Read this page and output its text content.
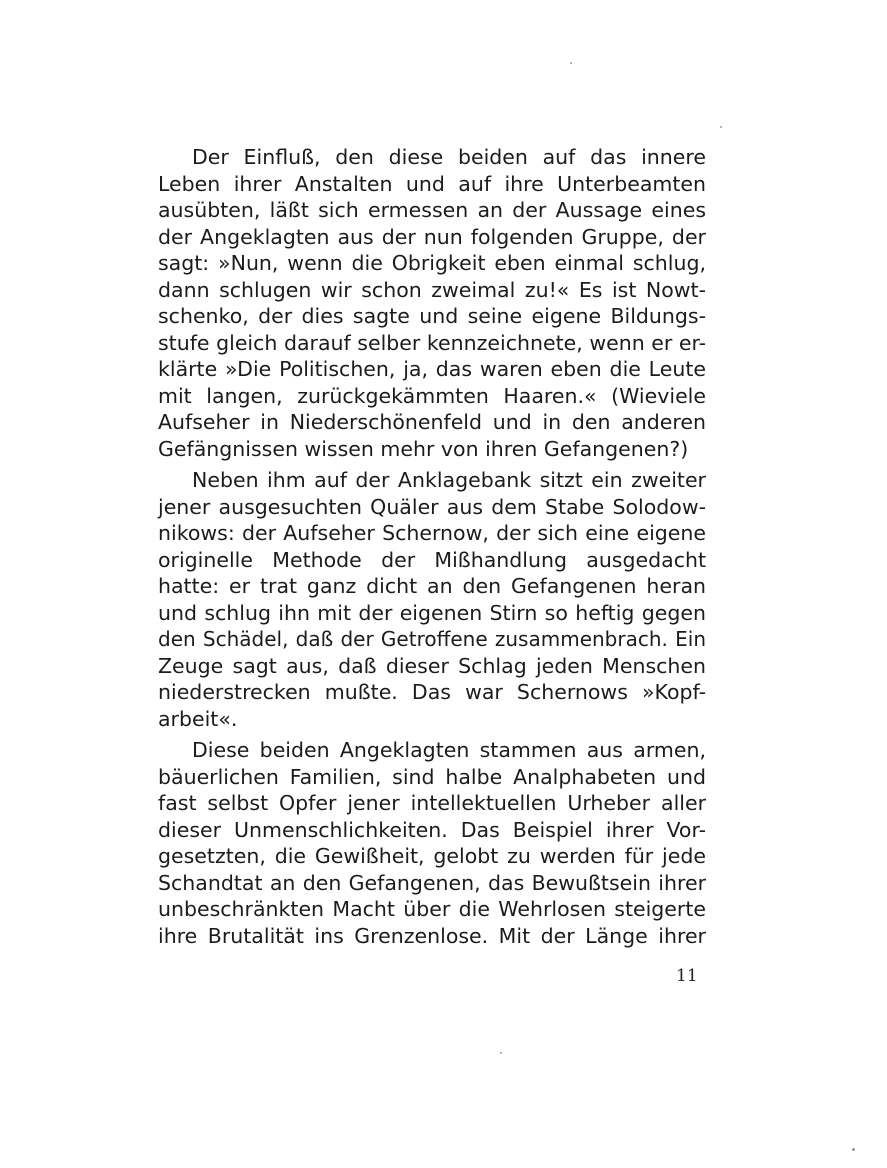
Der Einfluß, den diese beiden auf das innere
Leben ihrer Anstalten und auf ihre Unterbeamten
ausübten, läßt sich ermessen an der Aussage eines
der Angeklagten aus der nun folgenden Gruppe, der
sagt: »Nun, wenn die Obrigkeit eben einmal schlug,
dann schlugen wir schon zweimal zu!« Es ist Nowt-
schenko, der dies sagte und seine eigene Bildungs-
stufe gleich darauf selber kennzeichnete, wenn er er-
klärte »Die Politischen, ja, das waren eben die Leute
mit langen, zurückgekämmten Haaren.« (Wieviele
Aufseher in Niederschönenfeld und in den anderen
Gefängnissen wissen mehr von ihren Gefangenen?)
Neben ihm auf der Anklagebank sitzt ein zweiter
jener ausgesuchten Quäler aus dem Stabe Solodow-
nikows: der Aufseher Schernow, der sich eine eigene
originelle Methode der Mißhandlung ausgedacht
hatte: er trat ganz dicht an den Gefangenen heran
und schlug ihn mit der eigenen Stirn so heftig gegen
den Schädel, daß der Getroffene zusammenbrach. Ein
Zeuge sagt aus, daß dieser Schlag jeden Menschen
niederstrecken mußte. Das war Schernows »Kopf-
arbeit«.
Diese beiden Angeklagten stammen aus armen,
bäuerlichen Familien, sind halbe Analphabeten und
fast selbst Opfer jener intellektuellen Urheber aller
dieser Unmenschlichkeiten. Das Beispiel ihrer Vor-
gesetzten, die Gewißheit, gelobt zu werden für jede
Schandtat an den Gefangenen, das Bewußtsein ihrer
unbeschränkten Macht über die Wehrlosen steigerte
ihre Brutalität ins Grenzenlose. Mit der Länge ihrer
11
